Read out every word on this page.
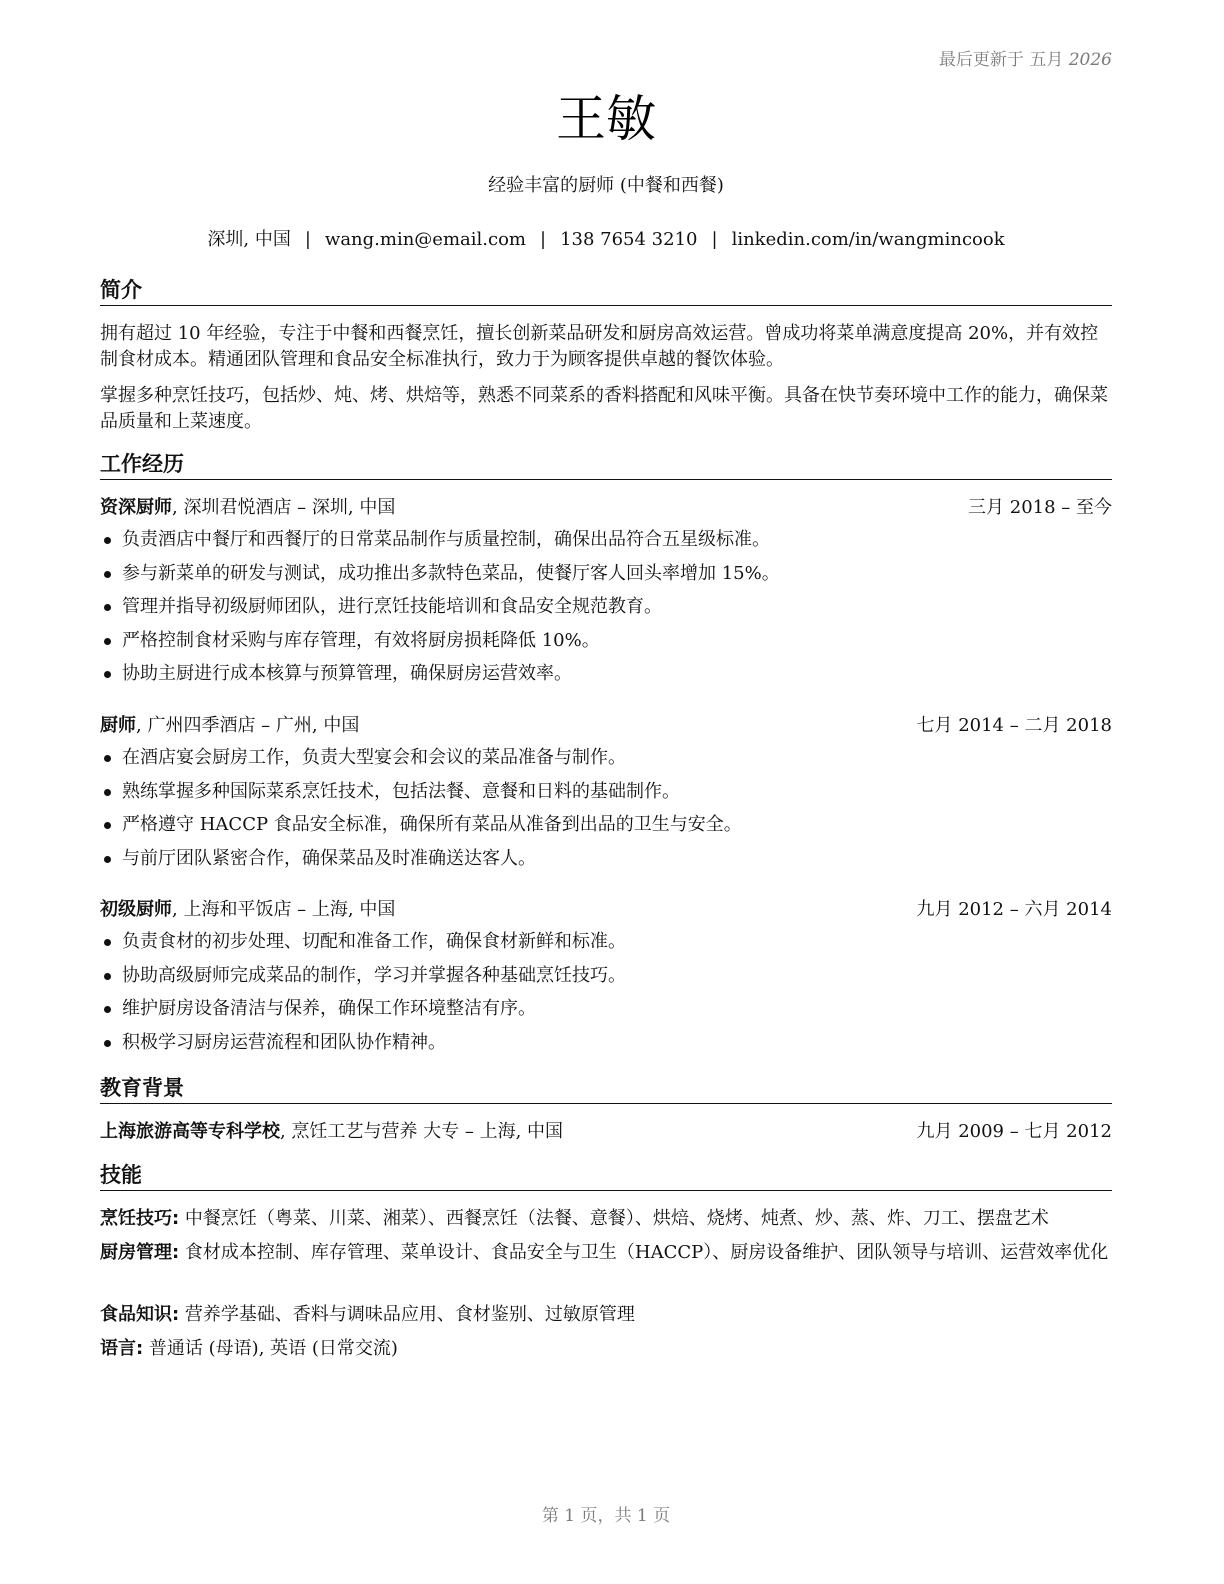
最后更新于 五月 2026
王敏
经验丰富的厨师 (中餐和西餐)
深圳, 中国 | wang.min@email.com | 138 7654 3210 | linkedin.com/in/wangmincook
简介
拥有超过 10 年经验，专注于中餐和西餐烹饪，擅长创新菜品研发和厨房高效运营。曾成功将菜单满意度提高 20%，并有效控制食材成本。精通团队管理和食品安全标准执行，致力于为顾客提供卓越的餐饮体验。
掌握多种烹饪技巧，包括炒、炖、烤、烘焙等，熟悉不同菜系的香料搭配和风味平衡。具备在快节奏环境中工作的能力，确保菜品质量和上菜速度。
工作经历
资深厨师, 深圳君悦酒店 – 深圳, 中国	三月 2018 – 至今
负责酒店中餐厅和西餐厅的日常菜品制作与质量控制，确保出品符合五星级标准。
参与新菜单的研发与测试，成功推出多款特色菜品，使餐厅客人回头率增加 15%。
管理并指导初级厨师团队，进行烹饪技能培训和食品安全规范教育。
严格控制食材采购与库存管理，有效将厨房损耗降低 10%。
协助主厨进行成本核算与预算管理，确保厨房运营效率。
厨师, 广州四季酒店 – 广州, 中国	七月 2014 – 二月 2018
在酒店宴会厨房工作，负责大型宴会和会议的菜品准备与制作。
熟练掌握多种国际菜系烹饪技术，包括法餐、意餐和日料的基础制作。
严格遵守 HACCP 食品安全标准，确保所有菜品从准备到出品的卫生与安全。
与前厅团队紧密合作，确保菜品及时准确送达客人。
初级厨师, 上海和平饭店 – 上海, 中国	九月 2012 – 六月 2014
负责食材的初步处理、切配和准备工作，确保食材新鲜和标准。
协助高级厨师完成菜品的制作，学习并掌握各种基础烹饪技巧。
维护厨房设备清洁与保养，确保工作环境整洁有序。
积极学习厨房运营流程和团队协作精神。
教育背景
上海旅游高等专科学校, 烹饪工艺与营养 大专 – 上海, 中国	九月 2009 – 七月 2012
技能
烹饪技巧: 中餐烹饪（粤菜、川菜、湘菜）、西餐烹饪（法餐、意餐）、烘焙、烧烤、炖煮、炒、蒸、炸、刀工、摆盘艺术
厨房管理: 食材成本控制、库存管理、菜单设计、食品安全与卫生（HACCP）、厨房设备维护、团队领导与培训、运营效率优化
食品知识: 营养学基础、香料与调味品应用、食材鉴别、过敏原管理
语言: 普通话 (母语), 英语 (日常交流)
第 1 页，共 1 页
